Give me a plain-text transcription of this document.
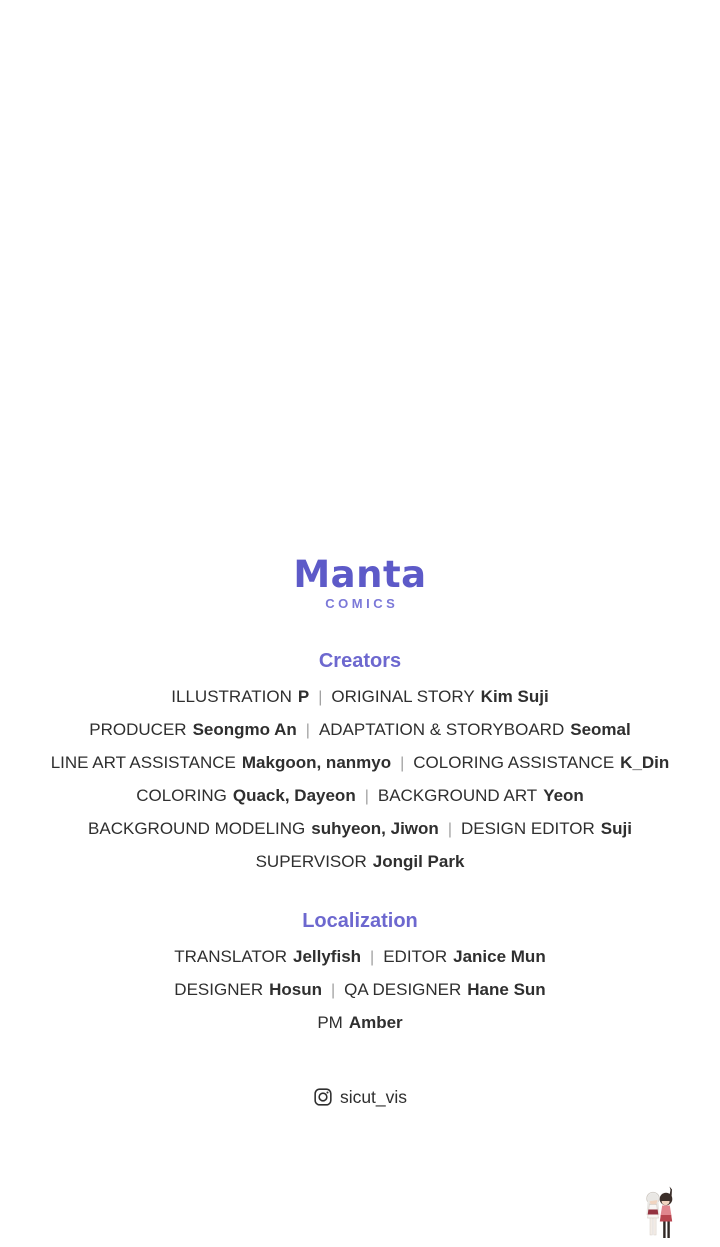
Manta
COMICS
Creators
ILLUSTRATION P | ORIGINAL STORY Kim Suji
PRODUCER Seongmo An | ADAPTATION & STORYBOARD Seomal
LINE ART ASSISTANCE Makgoon, nanmyo | COLORING ASSISTANCE K_Din
COLORING Quack, Dayeon | BACKGROUND ART Yeon
BACKGROUND MODELING suhyeon, Jiwon | DESIGN EDITOR Suji
SUPERVISOR Jongil Park
Localization
TRANSLATOR Jellyfish | EDITOR Janice Mun
DESIGNER Hosun | QA DESIGNER Hane Sun
PM Amber
sicut_vis
